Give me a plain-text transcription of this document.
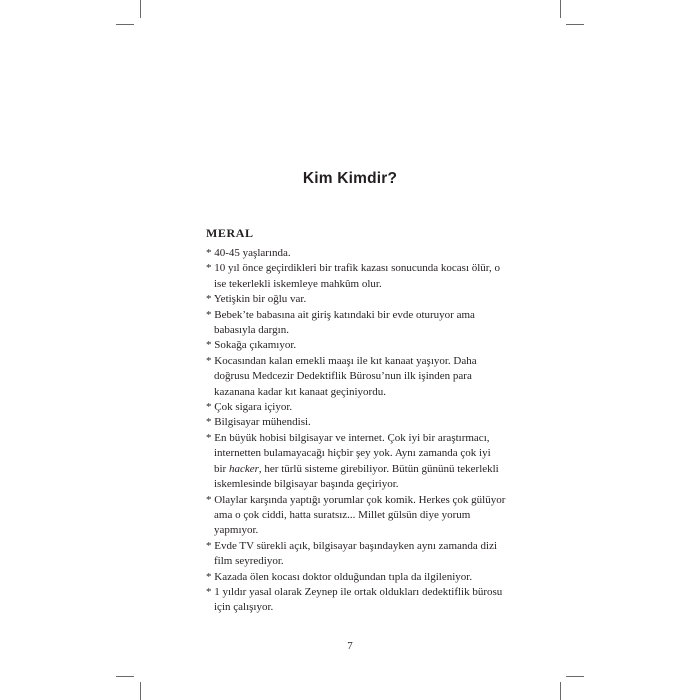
Kim Kimdir?
MERAL
* 40-45 yaşlarında.
* 10 yıl önce geçirdikleri bir trafik kazası sonucunda kocası ölür, o
ise tekerlekli iskemleye mahkûm olur.
* Yetişkin bir oğlu var.
* Bebek’te babasına ait giriş katındaki bir evde oturuyor ama
babasıyla dargın.
* Sokağa çıkamıyor.
* Kocasından kalan emekli maaşı ile kıt kanaat yaşıyor. Daha
doğrusu Medcezir Dedektiflik Bürosu’nun ilk işinden para
kazanana kadar kıt kanaat geçiniyordu.
* Çok sigara içiyor.
* Bilgisayar mühendisi.
* En büyük hobisi bilgisayar ve internet. Çok iyi bir araştırmacı,
internetten bulamayacağı hiçbir şey yok. Aynı zamanda çok iyi
bir hacker, her türlü sisteme girebiliyor. Bütün gününü tekerlekli
iskemlesinde bilgisayar başında geçiriyor.
* Olaylar karşında yaptığı yorumlar çok komik. Herkes çok gülüyor
ama o çok ciddi, hatta suratsız... Millet gülsün diye yorum
yapmıyor.
* Evde TV sürekli açık, bilgisayar başındayken aynı zamanda dizi
film seyrediyor.
* Kazada ölen kocası doktor olduğundan tıpla da ilgileniyor.
* 1 yıldır yasal olarak Zeynep ile ortak oldukları dedektiflik bürosu
için çalışıyor.
7
